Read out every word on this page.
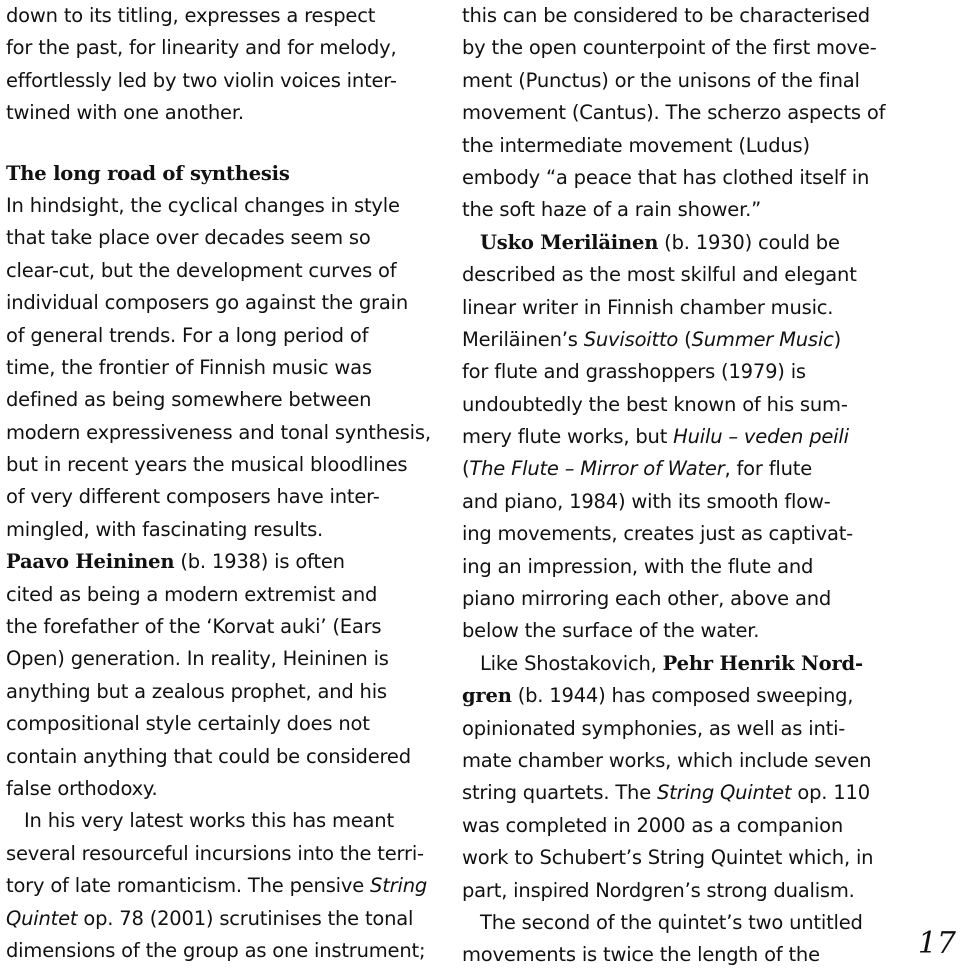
down to its titling, expresses a respect
for the past, for linearity and for melody,
effortlessly led by two violin voices inter-
twined with one another.
The long road of synthesis
In hindsight, the cyclical changes in style
that take place over decades seem so
clear-cut, but the development curves of
individual composers go against the grain
of general trends. For a long period of
time, the frontier of Finnish music was
defined as being somewhere between
modern expressiveness and tonal synthesis,
but in recent years the musical bloodlines
of very different composers have inter-
mingled, with fascinating results.
Paavo Heininen (b. 1938) is often
cited as being a modern extremist and
the forefather of the ‘Korvat auki’ (Ears
Open) generation. In reality, Heininen is
anything but a zealous prophet, and his
compositional style certainly does not
contain anything that could be considered
false orthodoxy.
In his very latest works this has meant
several resourceful incursions into the terri-
tory of late romanticism. The pensive String
Quintet op. 78 (2001) scrutinises the tonal
dimensions of the group as one instrument;
this can be considered to be characterised
by the open counterpoint of the first move-
ment (Punctus) or the unisons of the final
movement (Cantus). The scherzo aspects of
the intermediate movement (Ludus)
embody “a peace that has clothed itself in
the soft haze of a rain shower.”
Usko Meriläinen (b. 1930) could be
described as the most skilful and elegant
linear writer in Finnish chamber music.
Meriläinen’s Suvisoitto (Summer Music)
for flute and grasshoppers (1979) is
undoubtedly the best known of his sum-
mery flute works, but Huilu – veden peili
(The Flute – Mirror of Water, for flute
and piano, 1984) with its smooth flow-
ing movements, creates just as captivat-
ing an impression, with the flute and
piano mirroring each other, above and
below the surface of the water.
Like Shostakovich, Pehr Henrik Nord-
gren (b. 1944) has composed sweeping,
opinionated symphonies, as well as inti-
mate chamber works, which include seven
string quartets. The String Quintet op. 110
was completed in 2000 as a companion
work to Schubert’s String Quintet which, in
part, inspired Nordgren’s strong dualism.
The second of the quintet’s two untitled
movements is twice the length of the	17
